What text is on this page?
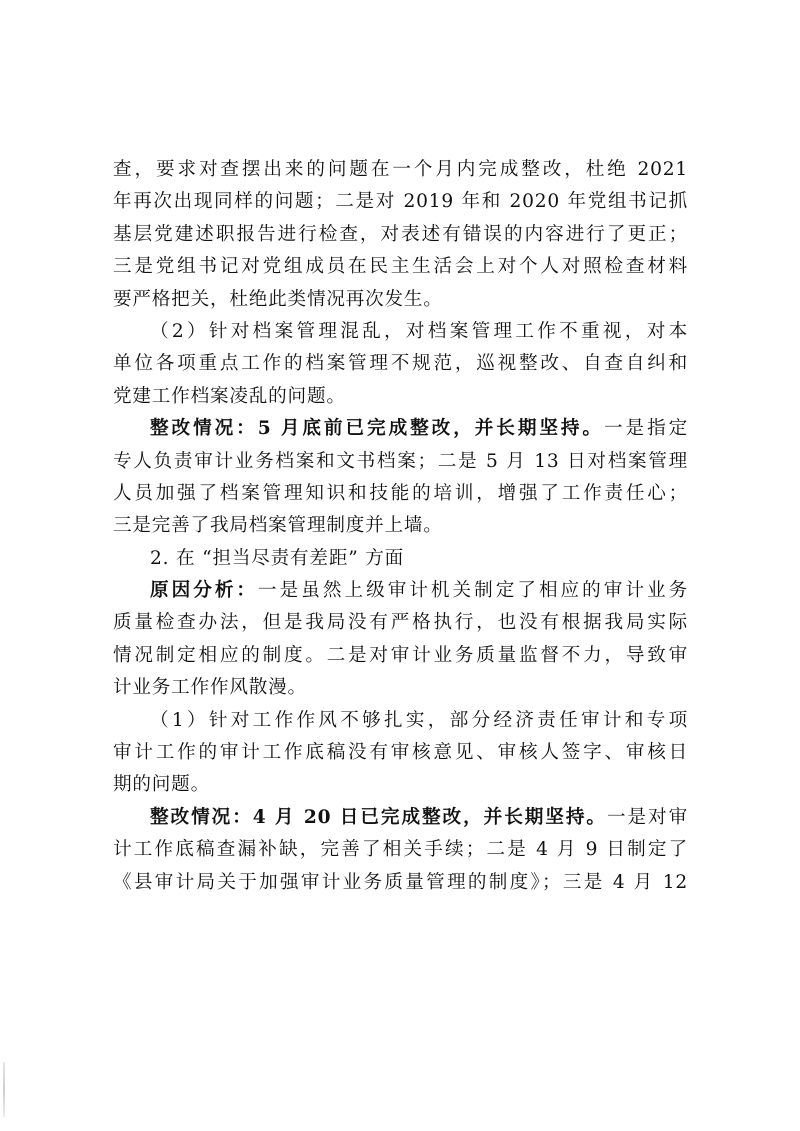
查，要求对查摆出来的问题在一个月内完成整改，杜绝 2021
年再次出现同样的问题；二是对 2019 年和 2020 年党组书记抓
基层党建述职报告进行检查，对表述有错误的内容进行了更正；
三是党组书记对党组成员在民主生活会上对个人对照检查材料
要严格把关，杜绝此类情况再次发生。
（2）针对档案管理混乱，对档案管理工作不重视，对本
单位各项重点工作的档案管理不规范，巡视整改、自查自纠和
党建工作档案凌乱的问题。
整改情况：5 月底前已完成整改，并长期坚持。一是指定
专人负责审计业务档案和文书档案；二是 5 月 13 日对档案管理
人员加强了档案管理知识和技能的培训，增强了工作责任心；
三是完善了我局档案管理制度并上墙。
2. 在 “担当尽责有差距” 方面
原因分析：一是虽然上级审计机关制定了相应的审计业务
质量检查办法，但是我局没有严格执行，也没有根据我局实际
情况制定相应的制度。二是对审计业务质量监督不力，导致审
计业务工作作风散漫。
（1）针对工作作风不够扎实，部分经济责任审计和专项
审计工作的审计工作底稿没有审核意见、审核人签字、审核日
期的问题。
整改情况：4 月 20 日已完成整改，并长期坚持。一是对审
计工作底稿查漏补缺，完善了相关手续；二是 4 月 9 日制定了
《县审计局关于加强审计业务质量管理的制度》；三是 4 月 12
